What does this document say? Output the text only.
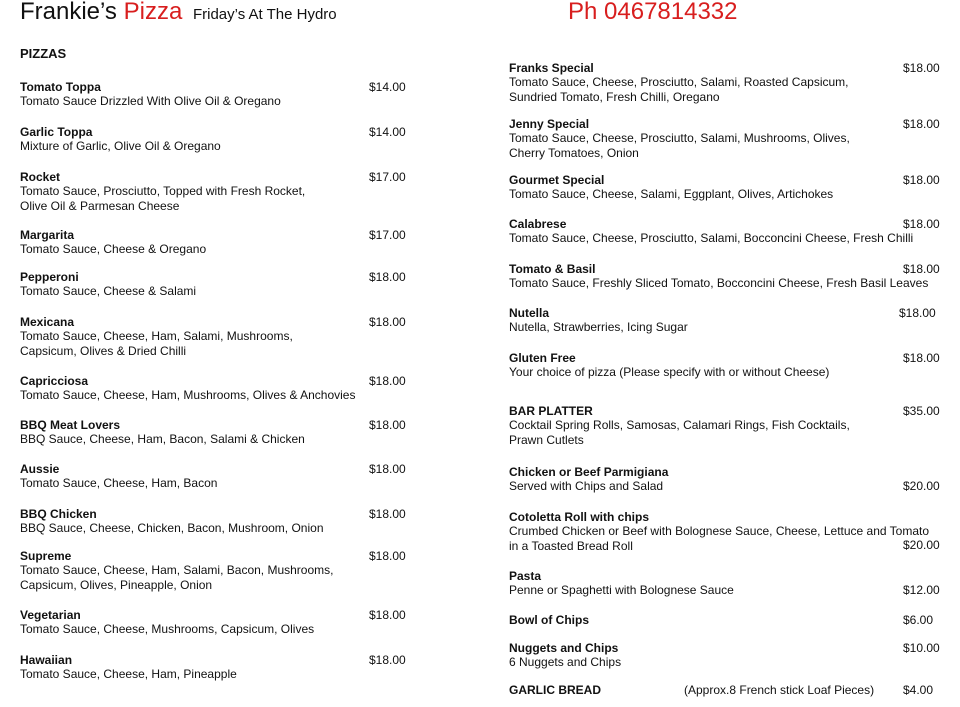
Frankie’s Pizza Friday’s At The Hydro	Ph 0467814332
PIZZAS
Tomato Toppa
Tomato Sauce Drizzled With Olive Oil & Oregano
$14.00
Garlic Toppa
Mixture of Garlic, Olive Oil & Oregano
$14.00
Rocket
Tomato Sauce, Prosciutto, Topped with Fresh Rocket,
Olive Oil & Parmesan Cheese
$17.00
Margarita
Tomato Sauce, Cheese & Oregano
$17.00
Pepperoni
Tomato Sauce, Cheese & Salami
$18.00
Mexicana
Tomato Sauce, Cheese, Ham, Salami, Mushrooms,
Capsicum, Olives & Dried Chilli
$18.00
Capricciosa
Tomato Sauce, Cheese, Ham, Mushrooms, Olives & Anchovies
$18.00
BBQ Meat Lovers
BBQ Sauce, Cheese, Ham, Bacon, Salami & Chicken
$18.00
Aussie
Tomato Sauce, Cheese, Ham, Bacon
$18.00
BBQ Chicken
BBQ Sauce, Cheese, Chicken, Bacon, Mushroom, Onion
$18.00
Supreme
Tomato Sauce, Cheese, Ham, Salami, Bacon, Mushrooms,
Capsicum, Olives, Pineapple, Onion
$18.00
Vegetarian
Tomato Sauce, Cheese, Mushrooms, Capsicum, Olives
$18.00
Hawaiian
Tomato Sauce, Cheese, Ham, Pineapple
$18.00
Franks Special
Tomato Sauce, Cheese, Prosciutto, Salami, Roasted Capsicum,
Sundried Tomato, Fresh Chilli, Oregano
$18.00
Jenny Special
Tomato Sauce, Cheese, Prosciutto, Salami, Mushrooms, Olives,
Cherry Tomatoes, Onion
$18.00
Gourmet Special
Tomato Sauce, Cheese, Salami, Eggplant, Olives, Artichokes
$18.00
Calabrese
Tomato Sauce, Cheese, Prosciutto, Salami, Bocconcini Cheese, Fresh Chilli
$18.00
Tomato & Basil
Tomato Sauce, Freshly Sliced Tomato, Bocconcini Cheese, Fresh Basil Leaves
$18.00
Nutella
Nutella, Strawberries, Icing Sugar
$18.00
Gluten Free
Your choice of pizza (Please specify with or without Cheese)
$18.00
BAR PLATTER
Cocktail Spring Rolls, Samosas, Calamari Rings, Fish Cocktails,
Prawn Cutlets
$35.00
Chicken or Beef Parmigiana
Served with Chips and Salad	$20.00
Cotoletta Roll with chips
Crumbed Chicken or Beef with Bolognese Sauce, Cheese, Lettuce and Tomato
in a Toasted Bread Roll	$20.00
Pasta
Penne or Spaghetti with Bolognese Sauce	$12.00
Bowl of Chips	$6.00
Nuggets and Chips
6 Nuggets and Chips
$10.00
GARLIC BREAD	(Approx.8 French stick Loaf Pieces) $4.00
